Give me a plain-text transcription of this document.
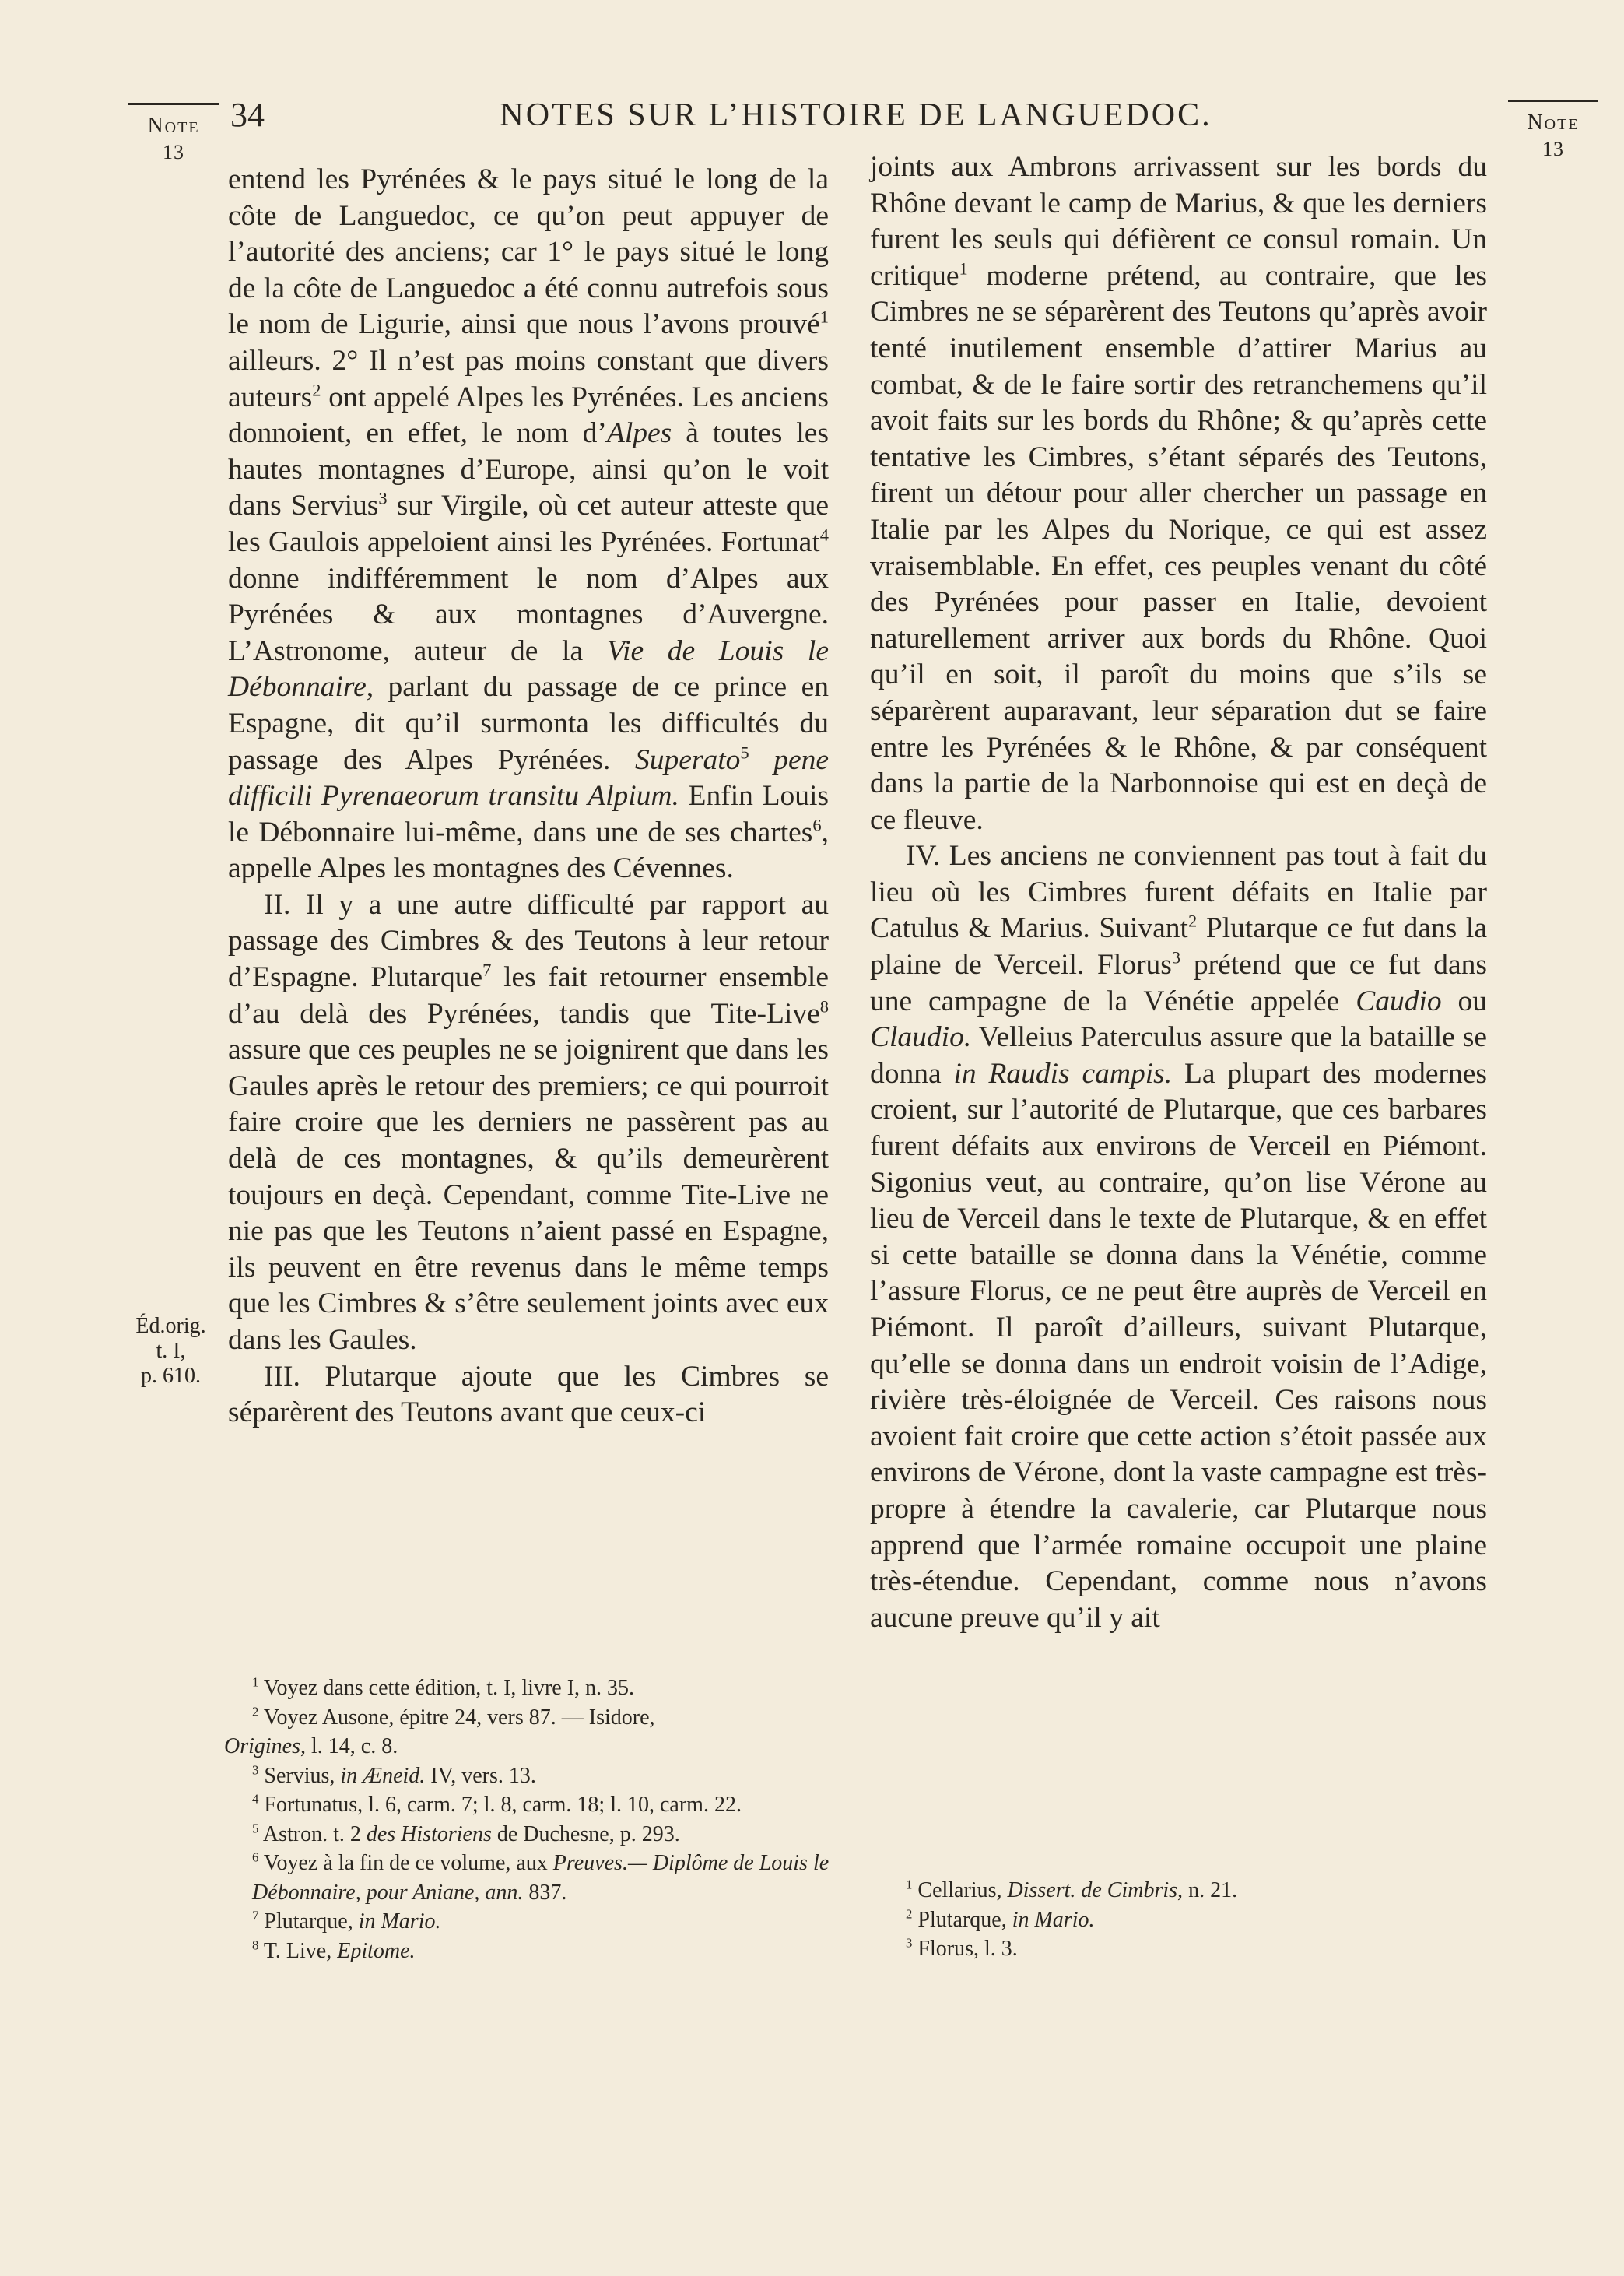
Note
13
Note
13
34	NOTES SUR L’HISTOIRE DE LANGUEDOC.
Éd.orig.
t. I,
p. 610.

entend les Pyrénées & le pays situé le long de la côte de Languedoc, ce qu’on peut appuyer de l’autorité des anciens; car 1° le pays situé le long de la côte de Languedoc a été connu autrefois sous le nom de Ligurie, ainsi que nous l’avons prouvé$^1$ ailleurs. 2° Il n’est pas moins constant que divers auteurs$^2$ ont appelé Alpes les Pyrénées. Les anciens donnoient, en effet, le nom d’Alpes à toutes les hautes montagnes d’Europe, ainsi qu’on le voit dans Servius$^3$ sur Virgile, où cet auteur atteste que les Gaulois appeloient ainsi les Pyrénées. Fortunat$^4$ donne indifféremment le nom d’Alpes aux Pyrénées & aux montagnes d’Auvergne. L’Astronome, auteur de la Vie de Louis le Débonnaire, parlant du passage de ce prince en Espagne, dit qu’il surmonta les difficultés du passage des Alpes Pyrénées. Superato$^5$ pene difficili Pyrenaeorum transitu Alpium. Enfin Louis le Débonnaire lui-même, dans une de ses chartes$^6$, appelle Alpes les montagnes des Cévennes.

II. Il y a une autre difficulté par rapport au passage des Cimbres & des Teutons à leur retour d’Espagne. Plutarque$^7$ les fait retourner ensemble d’au delà des Pyrénées, tandis que Tite-Live$^8$ assure que ces peuples ne se joignirent que dans les Gaules après le retour des premiers; ce qui pourroit faire croire que les derniers ne passèrent pas au delà de ces montagnes, & qu’ils demeurèrent toujours en deçà. Cependant, comme Tite-Live ne nie pas que les Teutons n’aient passé en Espagne, ils peuvent en être revenus dans le même temps que les Cimbres & s’être seulement joints avec eux dans les Gaules.

III. Plutarque ajoute que les Cimbres se séparèrent des Teutons avant que ceux-ci

joints aux Ambrons arrivassent sur les bords du Rhône devant le camp de Marius, & que les derniers furent les seuls qui défièrent ce consul romain. Un critique$^1$ moderne prétend, au contraire, que les Cimbres ne se séparèrent des Teutons qu’après avoir tenté inutilement ensemble d’attirer Marius au combat, & de le faire sortir des retranchemens qu’il avoit faits sur les bords du Rhône; & qu’après cette tentative les Cimbres, s’étant séparés des Teutons, firent un détour pour aller chercher un passage en Italie par les Alpes du Norique, ce qui est assez vraisemblable. En effet, ces peuples venant du côté des Pyrénées pour passer en Italie, devoient naturellement arriver aux bords du Rhône. Quoi qu’il en soit, il paroît du moins que s’ils se séparèrent auparavant, leur séparation dut se faire entre les Pyrénées & le Rhône, & par conséquent dans la partie de la Narbonnoise qui est en deçà de ce fleuve.

IV. Les anciens ne conviennent pas tout à fait du lieu où les Cimbres furent défaits en Italie par Catulus & Marius. Suivant$^2$ Plutarque ce fut dans la plaine de Verceil. Florus$^3$ prétend que ce fut dans une campagne de la Vénétie appelée Caudio ou Claudio. Velleius Paterculus assure que la bataille se donna in Raudis campis. La plupart des modernes croient, sur l’autorité de Plutarque, que ces barbares furent défaits aux environs de Verceil en Piémont. Sigonius veut, au contraire, qu’on lise Vérone au lieu de Verceil dans le texte de Plutarque, & en effet si cette bataille se donna dans la Vénétie, comme l’assure Florus, ce ne peut être auprès de Verceil en Piémont. Il paroît d’ailleurs, suivant Plutarque, qu’elle se donna dans un endroit voisin de l’Adige, rivière très-éloignée de Verceil. Ces raisons nous avoient fait croire que cette action s’étoit passée aux environs de Vérone, dont la vaste campagne est très-propre à étendre la cavalerie, car Plutarque nous apprend que l’armée romaine occupoit une plaine très-étendue. Cependant, comme nous n’avons aucune preuve qu’il y ait

$^1$ Voyez dans cette édition, t. I, livre I, n. 35.

$^2$ Voyez Ausone, épitre 24, vers 87. — Isidore,

Origines, l. 14, c. 8.

$^3$ Servius, in Æneid. IV, vers. 13.

$^4$ Fortunatus, l. 6, carm. 7; l. 8, carm. 18; l. 10, carm. 22.

$^5$ Astron. t. 2 des Historiens de Duchesne, p. 293.

$^6$ Voyez à la fin de ce volume, aux Preuves.— Diplôme de Louis le Débonnaire, pour Aniane, ann. 837.

$^7$ Plutarque, in Mario.

$^8$ T. Live, Epitome.

$^1$ Cellarius, Dissert. de Cimbris, n. 21.

$^2$ Plutarque, in Mario.

$^3$ Florus, l. 3.
